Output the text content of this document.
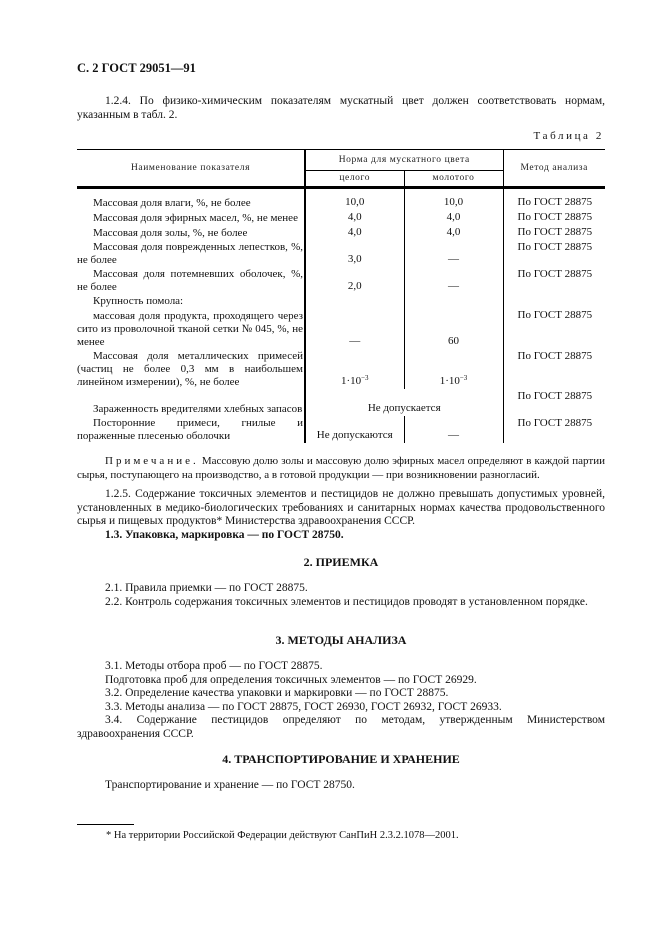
С. 2 ГОСТ 29051—91
1.2.4. По физико-химическим показателям мускатный цвет должен соответствовать нормам, указанным в табл. 2.
Таблица 2
Наименование показателя	Норма для мускатного цвета		Метод анализа
	целого	молотого	

Массовая доля влаги, %, не более	10,0	10,0	По ГОСТ 28875

Массовая доля эфирных масел, %, не менее	4,0	4,0	По ГОСТ 28875

Массовая доля золы, %, не более	4,0	4,0	По ГОСТ 28875

Массовая доля поврежденных лепестков, %, не более	3,0	—	По ГОСТ 28875

Массовая доля потемневших оболочек, %, не более	2,0	—	По ГОСТ 28875

Крупность помола:			

массовая доля продукта, проходящего через сито из проволочной тканой сетки № 045, %, не менее	—	60	По ГОСТ 28875

Массовая доля металлических примесей (частиц не более 0,3 мм в наибольшем линейном измерении), %, не более	$1\cdot 10^{-3}$	$1\cdot 10^{-3}$	По ГОСТ 28875

Зараженность вредителями хлебных запасов	Не допускается		По ГОСТ 28875

Посторонние примеси, гнилые и пораженные плесенью оболочки	Не допускаются	—	По ГОСТ 28875
Примечание. Массовую долю золы и массовую долю эфирных масел определяют в каждой партии сырья, поступающего на производство, а в готовой продукции — при возникновении разногласий.
1.2.5. Содержание токсичных элементов и пестицидов не должно превышать допустимых уровней, установленных в медико-биологических требованиях и санитарных нормах качества продовольственного сырья и пищевых продуктов* Министерства здравоохранения СССР.
1.3. Упаковка, маркировка — по ГОСТ 28750.
2. ПРИЕМКА
2.1. Правила приемки — по ГОСТ 28875.
2.2. Контроль содержания токсичных элементов и пестицидов проводят в установленном порядке.
3. МЕТОДЫ АНАЛИЗА
3.1. Методы отбора проб — по ГОСТ 28875.
Подготовка проб для определения токсичных элементов — по ГОСТ 26929.
3.2. Определение качества упаковки и маркировки — по ГОСТ 28875.
3.3. Методы анализа — по ГОСТ 28875, ГОСТ 26930, ГОСТ 26932, ГОСТ 26933.
3.4. Содержание пестицидов определяют по методам, утвержденным Министерством здравоохранения СССР.
4. ТРАНСПОРТИРОВАНИЕ И ХРАНЕНИЕ
Транспортирование и хранение — по ГОСТ 28750.
* На территории Российской Федерации действуют СанПиН 2.3.2.1078—2001.
